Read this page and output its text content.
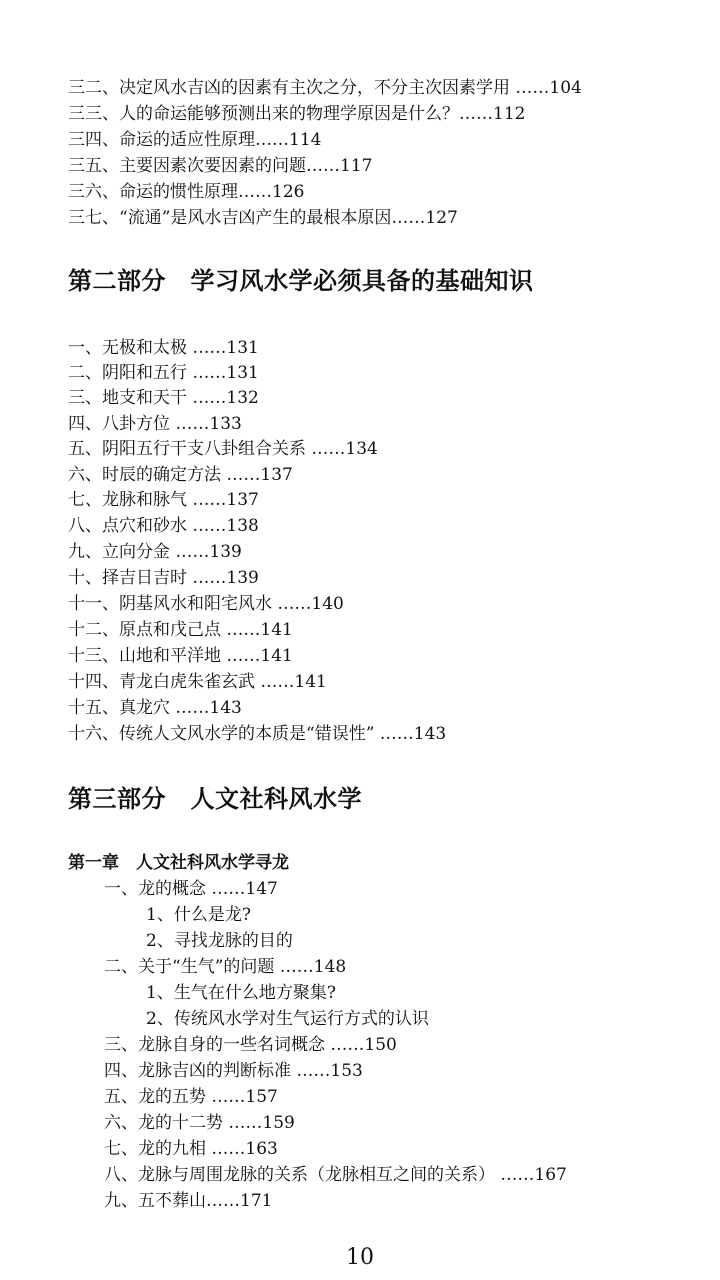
三二、决定风水吉凶的因素有主次之分，不分主次因素学用 ……104
三三、人的命运能够预测出来的物理学原因是什么？……112
三四、命运的适应性原理……114
三五、主要因素次要因素的问题……117
三六、命运的惯性原理……126
三七、“流通”是风水吉凶产生的最根本原因……127
第二部分　学习风水学必须具备的基础知识
一、无极和太极 ……131
二、阴阳和五行 ……131
三、地支和天干 ……132
四、八卦方位 ……133
五、阴阳五行干支八卦组合关系 ……134
六、时辰的确定方法 ……137
七、龙脉和脉气 ……137
八、点穴和砂水 ……138
九、立向分金 ……139
十、择吉日吉时 ……139
十一、阴基风水和阳宅风水 ……140
十二、原点和戊己点 ……141
十三、山地和平洋地 ……141
十四、青龙白虎朱雀玄武 ……141
十五、真龙穴 ……143
十六、传统人文风水学的本质是“错误性” ……143
第三部分　人文社科风水学
第一章　人文社科风水学寻龙
一、龙的概念 ……147
1、什么是龙?
2、寻找龙脉的目的
二、关于“生气”的问题 ……148
1、生气在什么地方聚集?
2、传统风水学对生气运行方式的认识
三、龙脉自身的一些名词概念 ……150
四、龙脉吉凶的判断标准 ……153
五、龙的五势 ……157
六、龙的十二势 ……159
七、龙的九相 ……163
八、龙脉与周围龙脉的关系（龙脉相互之间的关系） ……167
九、五不葬山……171
10
